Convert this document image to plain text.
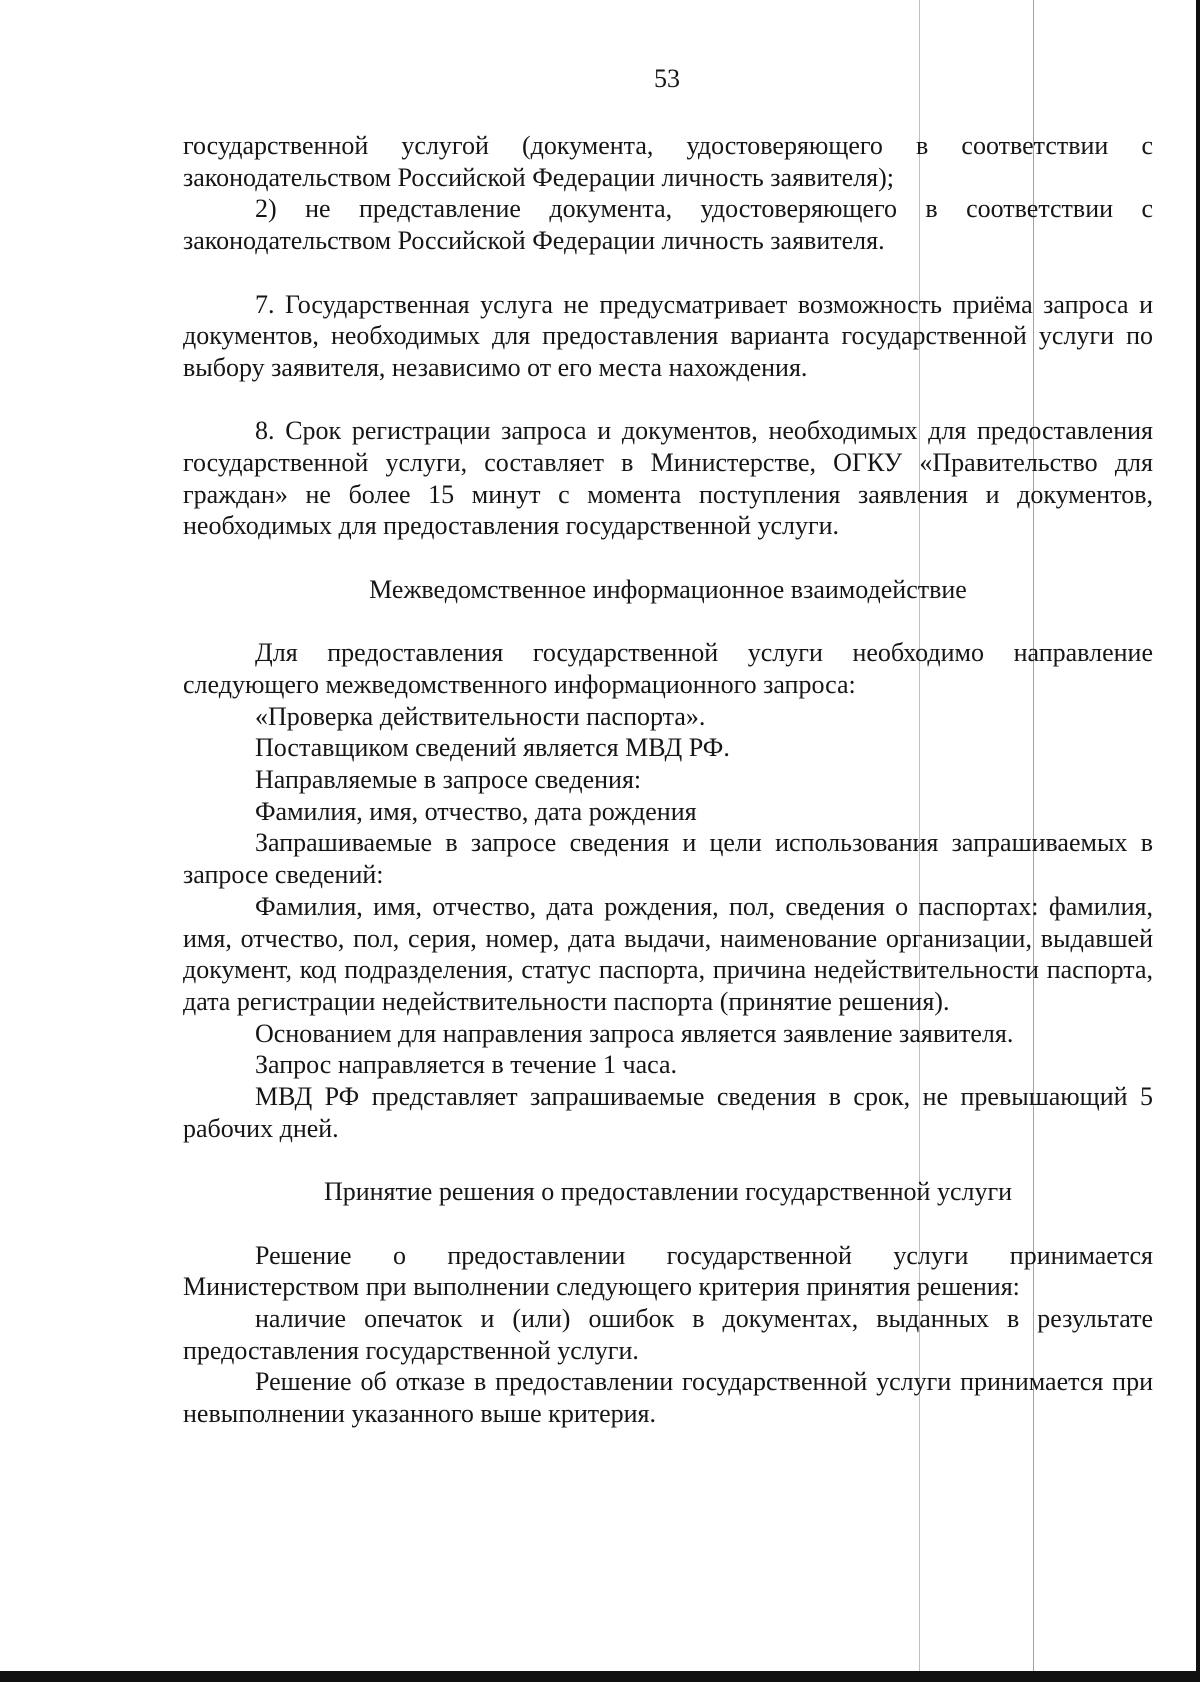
53

государственной услугой (документа, удостоверяющего в соответствии с законодательством Российской Федерации личность заявителя);

2) не представление документа, удостоверяющего в соответствии с законодательством Российской Федерации личность заявителя.

7. Государственная услуга не предусматривает возможность приёма запроса и документов, необходимых для предоставления варианта государственной услуги по выбору заявителя, независимо от его места нахождения.

8. Срок регистрации запроса и документов, необходимых для предоставления государственной услуги, составляет в Министерстве, ОГКУ «Правительство для граждан» не более 15 минут с момента поступления заявления и документов, необходимых для предоставления государственной услуги.

Межведомственное информационное взаимодействие

Для предоставления государственной услуги необходимо направление следующего межведомственного информационного запроса:

«Проверка действительности паспорта».

Поставщиком сведений является МВД РФ.

Направляемые в запросе сведения:

Фамилия, имя, отчество, дата рождения

Запрашиваемые в запросе сведения и цели использования запрашиваемых в запросе сведений:

Фамилия, имя, отчество, дата рождения, пол, сведения о паспортах: фамилия, имя, отчество, пол, серия, номер, дата выдачи, наименование организации, выдавшей документ, код подразделения, статус паспорта, причина недействительности паспорта, дата регистрации недействительности паспорта (принятие решения).

Основанием для направления запроса является заявление заявителя.

Запрос направляется в течение 1 часа.

МВД РФ представляет запрашиваемые сведения в срок, не превышающий 5 рабочих дней.

Принятие решения о предоставлении государственной услуги

Решение о предоставлении государственной услуги принимается Министерством при выполнении следующего критерия принятия решения:

наличие опечаток и (или) ошибок в документах, выданных в результате предоставления государственной услуги.

Решение об отказе в предоставлении государственной услуги принимается при невыполнении указанного выше критерия.
